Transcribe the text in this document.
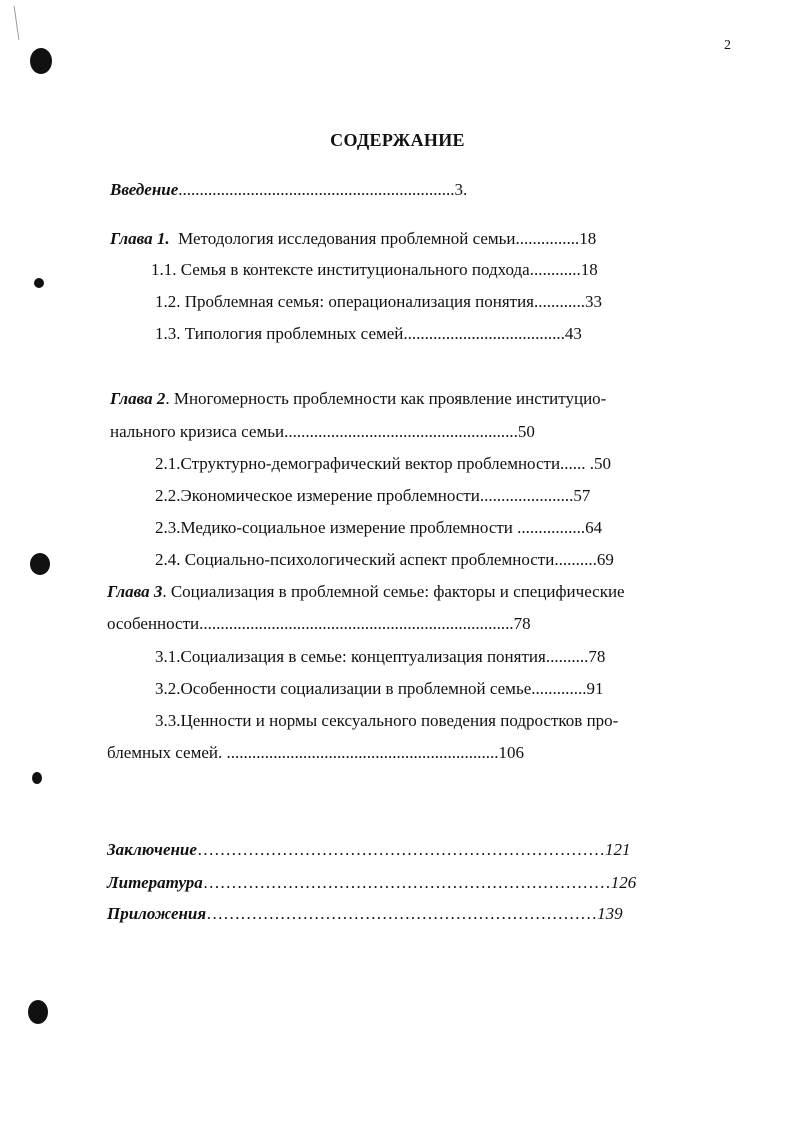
2
СОДЕРЖАНИЕ
Введение.................................................................3.
Глава 1. Методология исследования проблемной семьи...............18
1.1. Семья в контексте институционального подхода............18
1.2. Проблемная семья: операционализация понятия............33
1.3. Типология проблемных семей......................................43
Глава 2. Многомерность проблемности как проявление институцио-
нального кризиса семьи.......................................................50
2.1.Структурно-демографический вектор проблемности...... .50
2.2.Экономическое измерение проблемности......................57
2.3.Медико-социальное измерение проблемности ................64
2.4. Социально-психологический аспект проблемности..........69
Глава 3. Социализация в проблемной семье: факторы и специфические
особенности..........................................................................78
3.1.Социализация в семье: концептуализация понятия..........78
3.2.Особенности социализации в проблемной семье.............91
3.3.Ценности и нормы сексуального поведения подростков про-
блемных семей. ................................................................106
Заключение………………………………………………………………121
Литература………………………………………………………………126
Приложения……………………………………………………………139
